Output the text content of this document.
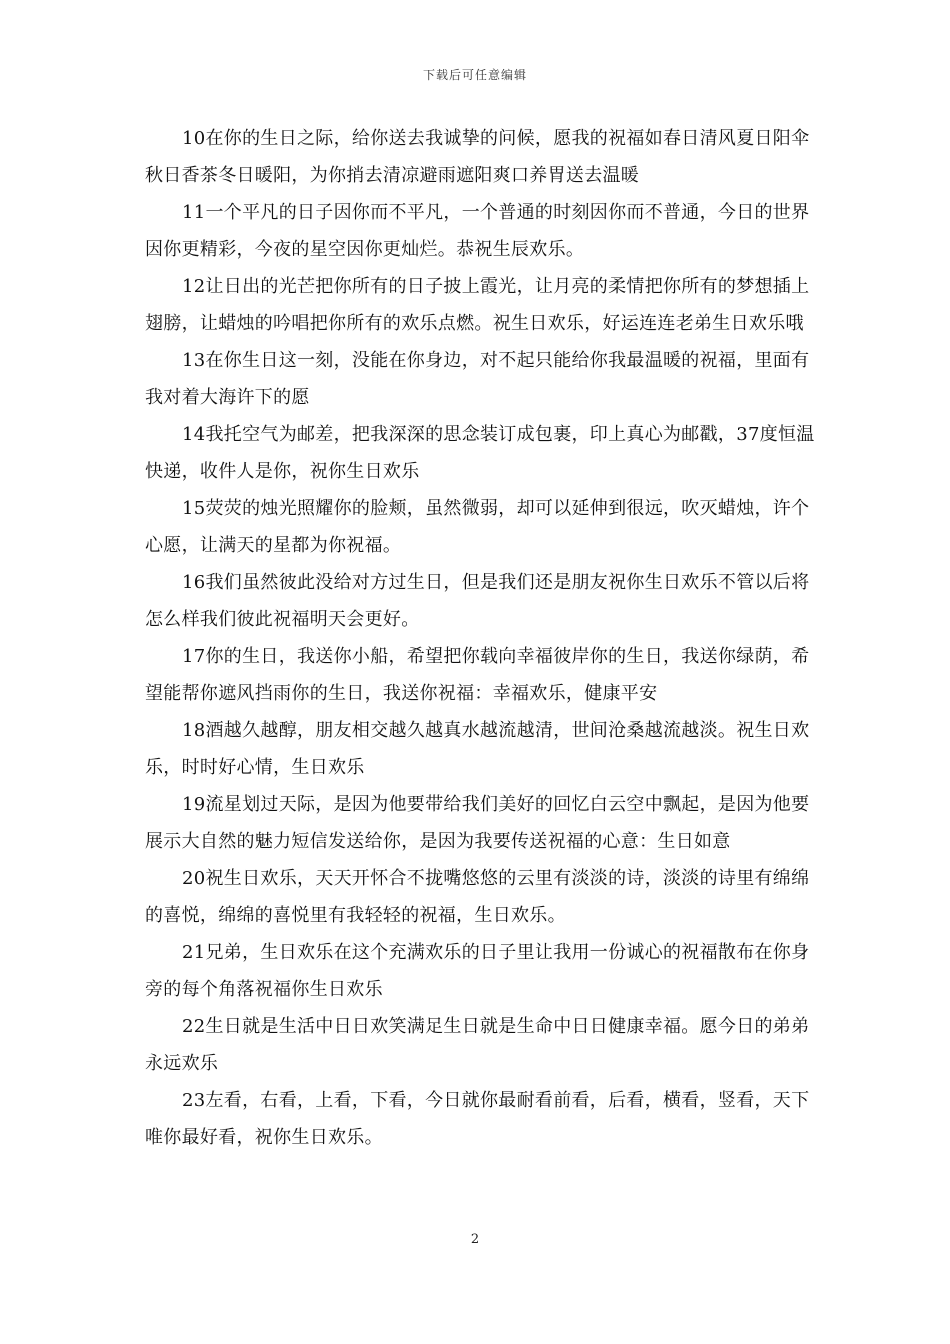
下载后可任意编辑

10在你的生日之际，给你送去我诚挚的问候，愿我的祝福如春日清风夏日阳伞秋日香茶冬日暖阳，为你捎去清凉避雨遮阳爽口养胃送去温暖

11一个平凡的日子因你而不平凡，一个普通的时刻因你而不普通，今日的世界因你更精彩，今夜的星空因你更灿烂。恭祝生辰欢乐。

12让日出的光芒把你所有的日子披上霞光，让月亮的柔情把你所有的梦想插上翅膀，让蜡烛的吟唱把你所有的欢乐点燃。祝生日欢乐，好运连连老弟生日欢乐哦

13在你生日这一刻，没能在你身边，对不起只能给你我最温暖的祝福，里面有我对着大海许下的愿

14我托空气为邮差，把我深深的思念装订成包裹，印上真心为邮戳，37度恒温快递，收件人是你，祝你生日欢乐

15荧荧的烛光照耀你的脸颊，虽然微弱，却可以延伸到很远，吹灭蜡烛，许个心愿，让满天的星都为你祝福。

16我们虽然彼此没给对方过生日，但是我们还是朋友祝你生日欢乐不管以后将怎么样我们彼此祝福明天会更好。

17你的生日，我送你小船，希望把你载向幸福彼岸你的生日，我送你绿荫，希望能帮你遮风挡雨你的生日，我送你祝福：幸福欢乐，健康平安

18酒越久越醇，朋友相交越久越真水越流越清，世间沧桑越流越淡。祝生日欢乐，时时好心情，生日欢乐

19流星划过天际，是因为他要带给我们美好的回忆白云空中飘起，是因为他要展示大自然的魅力短信发送给你，是因为我要传送祝福的心意：生日如意

20祝生日欢乐，天天开怀合不拢嘴悠悠的云里有淡淡的诗，淡淡的诗里有绵绵的喜悦，绵绵的喜悦里有我轻轻的祝福，生日欢乐。

21兄弟，生日欢乐在这个充满欢乐的日子里让我用一份诚心的祝福散布在你身旁的每个角落祝福你生日欢乐

22生日就是生活中日日欢笑满足生日就是生命中日日健康幸福。愿今日的弟弟永远欢乐

23左看，右看，上看，下看，今日就你最耐看前看，后看，横看，竖看，天下唯你最好看，祝你生日欢乐。

2
